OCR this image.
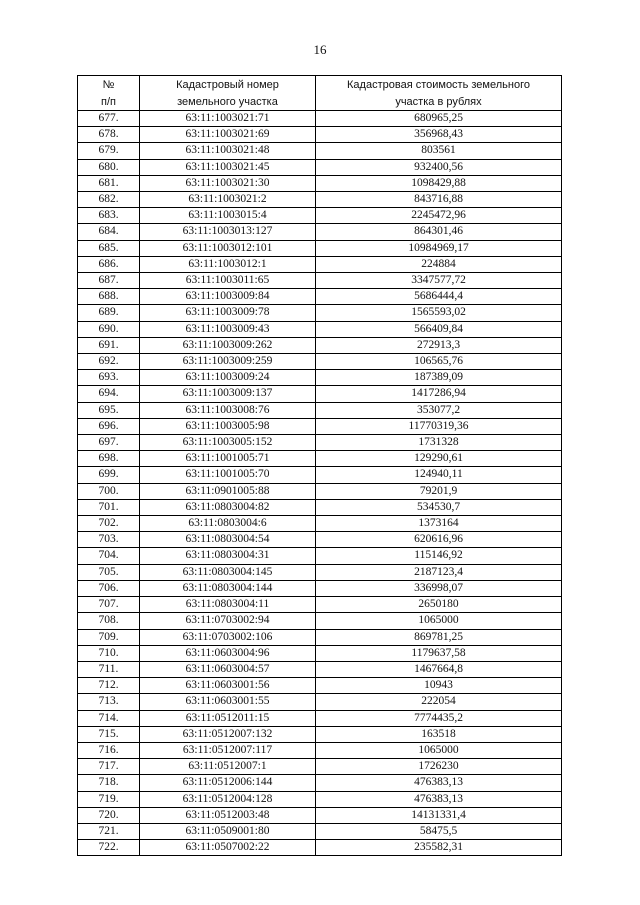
16
№	Кадастровый номер	Кадастровая стоимость земельного
п/п	земельного участка	участка в рублях
677.	63:11:1003021:71	680965,25
678.	63:11:1003021:69	356968,43
679.	63:11:1003021:48	803561
680.	63:11:1003021:45	932400,56
681.	63:11:1003021:30	1098429,88
682.	63:11:1003021:2	843716,88
683.	63:11:1003015:4	2245472,96
684.	63:11:1003013:127	864301,46
685.	63:11:1003012:101	10984969,17
686.	63:11:1003012:1	224884
687.	63:11:1003011:65	3347577,72
688.	63:11:1003009:84	5686444,4
689.	63:11:1003009:78	1565593,02
690.	63:11:1003009:43	566409,84
691.	63:11:1003009:262	272913,3
692.	63:11:1003009:259	106565,76
693.	63:11:1003009:24	187389,09
694.	63:11:1003009:137	1417286,94
695.	63:11:1003008:76	353077,2
696.	63:11:1003005:98	11770319,36
697.	63:11:1003005:152	1731328
698.	63:11:1001005:71	129290,61
699.	63:11:1001005:70	124940,11
700.	63:11:0901005:88	79201,9
701.	63:11:0803004:82	534530,7
702.	63:11:0803004:6	1373164
703.	63:11:0803004:54	620616,96
704.	63:11:0803004:31	115146,92
705.	63:11:0803004:145	2187123,4
706.	63:11:0803004:144	336998,07
707.	63:11:0803004:11	2650180
708.	63:11:0703002:94	1065000
709.	63:11:0703002:106	869781,25
710.	63:11:0603004:96	1179637,58
711.	63:11:0603004:57	1467664,8
712.	63:11:0603001:56	10943
713.	63:11:0603001:55	222054
714.	63:11:0512011:15	7774435,2
715.	63:11:0512007:132	163518
716.	63:11:0512007:117	1065000
717.	63:11:0512007:1	1726230
718.	63:11:0512006:144	476383,13
719.	63:11:0512004:128	476383,13
720.	63:11:0512003:48	14131331,4
721.	63:11:0509001:80	58475,5
722.	63:11:0507002:22	235582,31
